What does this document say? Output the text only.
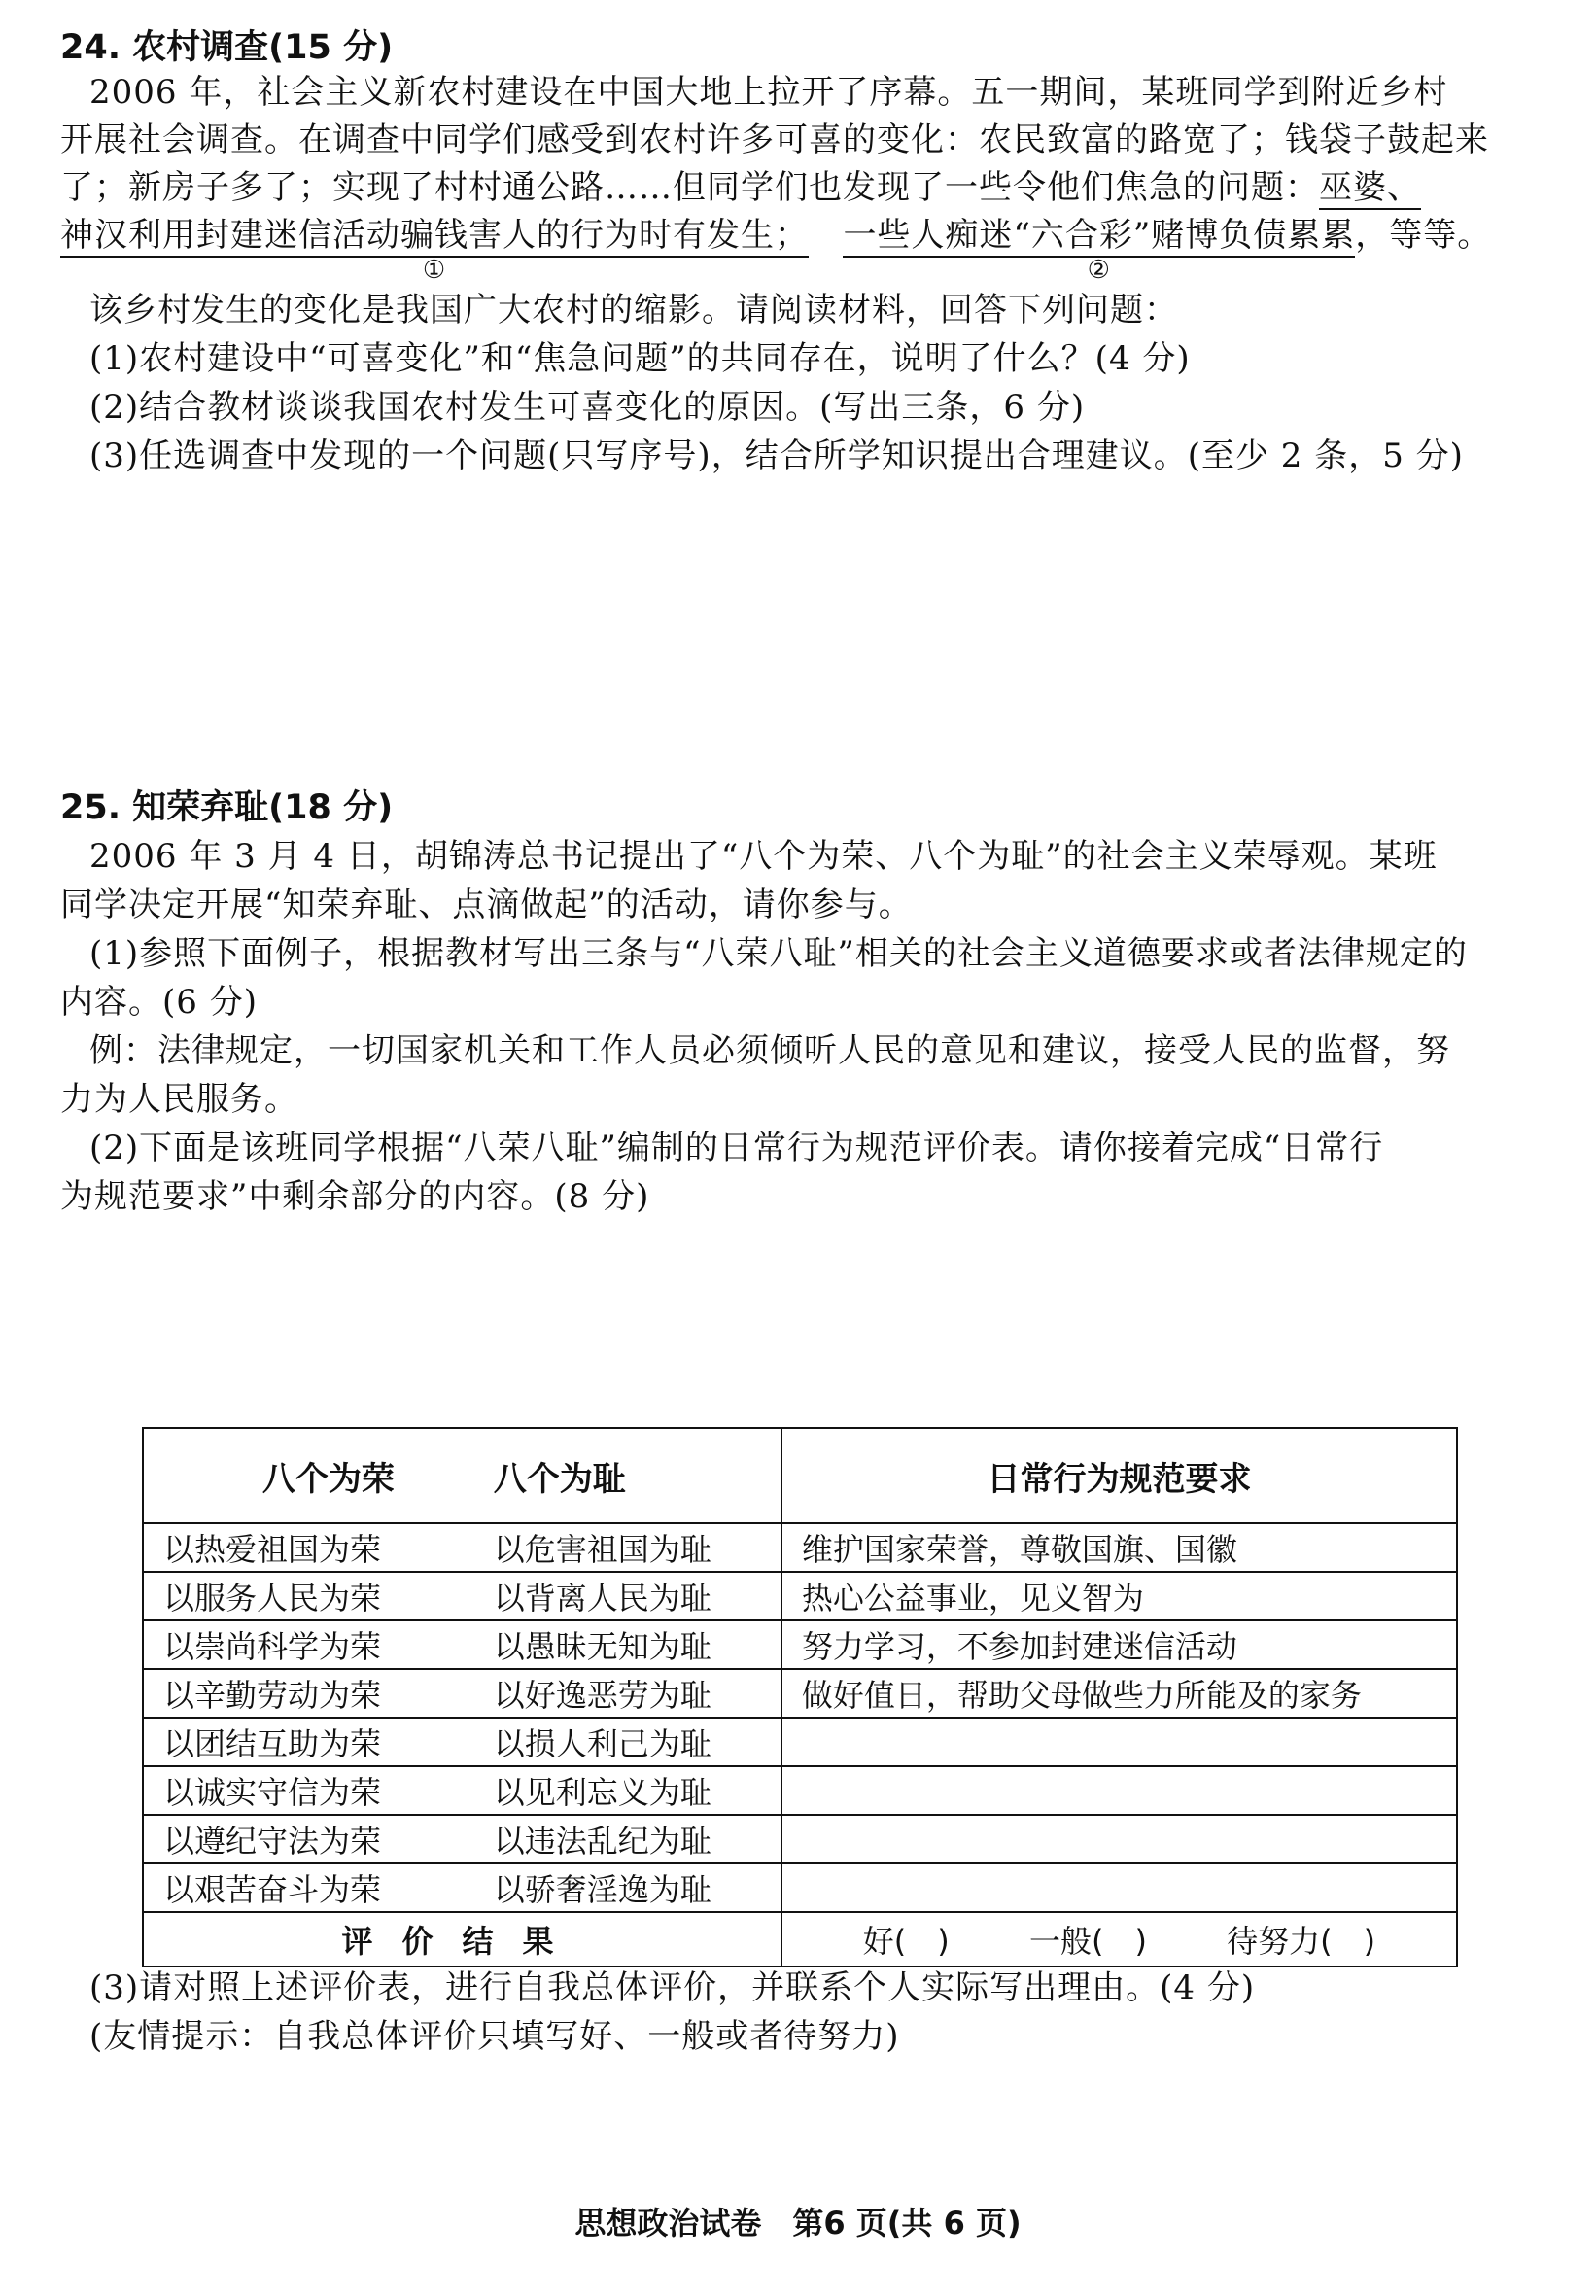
24. 农村调查(15 分)
2006 年，社会主义新农村建设在中国大地上拉开了序幕。五一期间，某班同学到附近乡村
开展社会调查。在调查中同学们感受到农村许多可喜的变化：农民致富的路宽了；钱袋子鼓起来
了；新房子多了；实现了村村通公路……但同学们也发现了一些令他们焦急的问题：巫婆、
神汉利用封建迷信活动骗钱害人的行为时有发生；
①
一些人痴迷“六合彩”赌博负债累累
②
，等等。
该乡村发生的变化是我国广大农村的缩影。请阅读材料，回答下列问题：
(1)农村建设中“可喜变化”和“焦急问题”的共同存在，说明了什么？(4 分)
(2)结合教材谈谈我国农村发生可喜变化的原因。(写出三条，6 分)
(3)任选调查中发现的一个问题(只写序号)，结合所学知识提出合理建议。(至少 2 条，5 分)
25. 知荣弃耻(18 分)
2006 年 3 月 4 日，胡锦涛总书记提出了“八个为荣、八个为耻”的社会主义荣辱观。某班
同学决定开展“知荣弃耻、点滴做起”的活动，请你参与。
(1)参照下面例子，根据教材写出三条与“八荣八耻”相关的社会主义道德要求或者法律规定的
内容。(6 分)
例：法律规定，一切国家机关和工作人员必须倾听人民的意见和建议，接受人民的监督，努
力为人民服务。
(2)下面是该班同学根据“八荣八耻”编制的日常行为规范评价表。请你接着完成“日常行
为规范要求”中剩余部分的内容。(8 分)
八个为荣	八个为耻	日常行为规范要求
以热爱祖国为荣	以危害祖国为耻	维护国家荣誉，尊敬国旗、国徽
以服务人民为荣	以背离人民为耻	热心公益事业，见义智为
以崇尚科学为荣	以愚昧无知为耻	努力学习，不参加封建迷信活动
以辛勤劳动为荣	以好逸恶劳为耻	做好值日，帮助父母做些力所能及的家务
以团结互助为荣	以损人利己为耻	
以诚实守信为荣	以见利忘义为耻	
以遵纪守法为荣	以违法乱纪为耻	
以艰苦奋斗为荣	以骄奢淫逸为耻	
评价结果		好(　) 一般(　) 待努力(　)
(3)请对照上述评价表，进行自我总体评价，并联系个人实际写出理由。(4 分)
(友情提示：自我总体评价只填写好、一般或者待努力)
思想政治试卷　第6 页(共 6 页)
